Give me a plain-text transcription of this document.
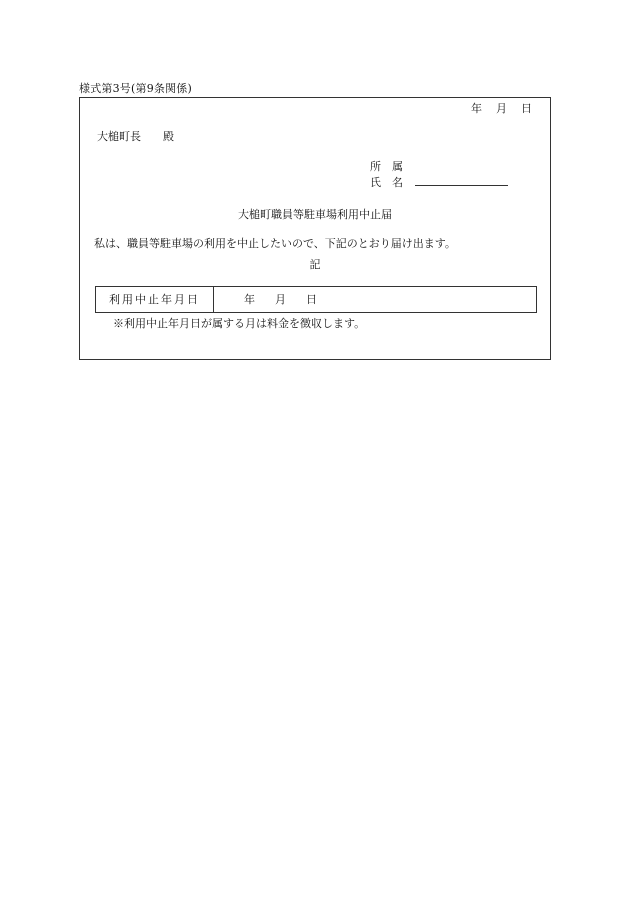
様式第3号(第9条関係)
年 月 日
大槌町長 殿
所　属
氏　名
大槌町職員等駐車場利用中止届
私は、職員等駐車場の利用を中止したいので、下記のとおり届け出ます。
記
利用中止年月日	年 月 日
※利用中止年月日が属する月は料金を徴収します。
